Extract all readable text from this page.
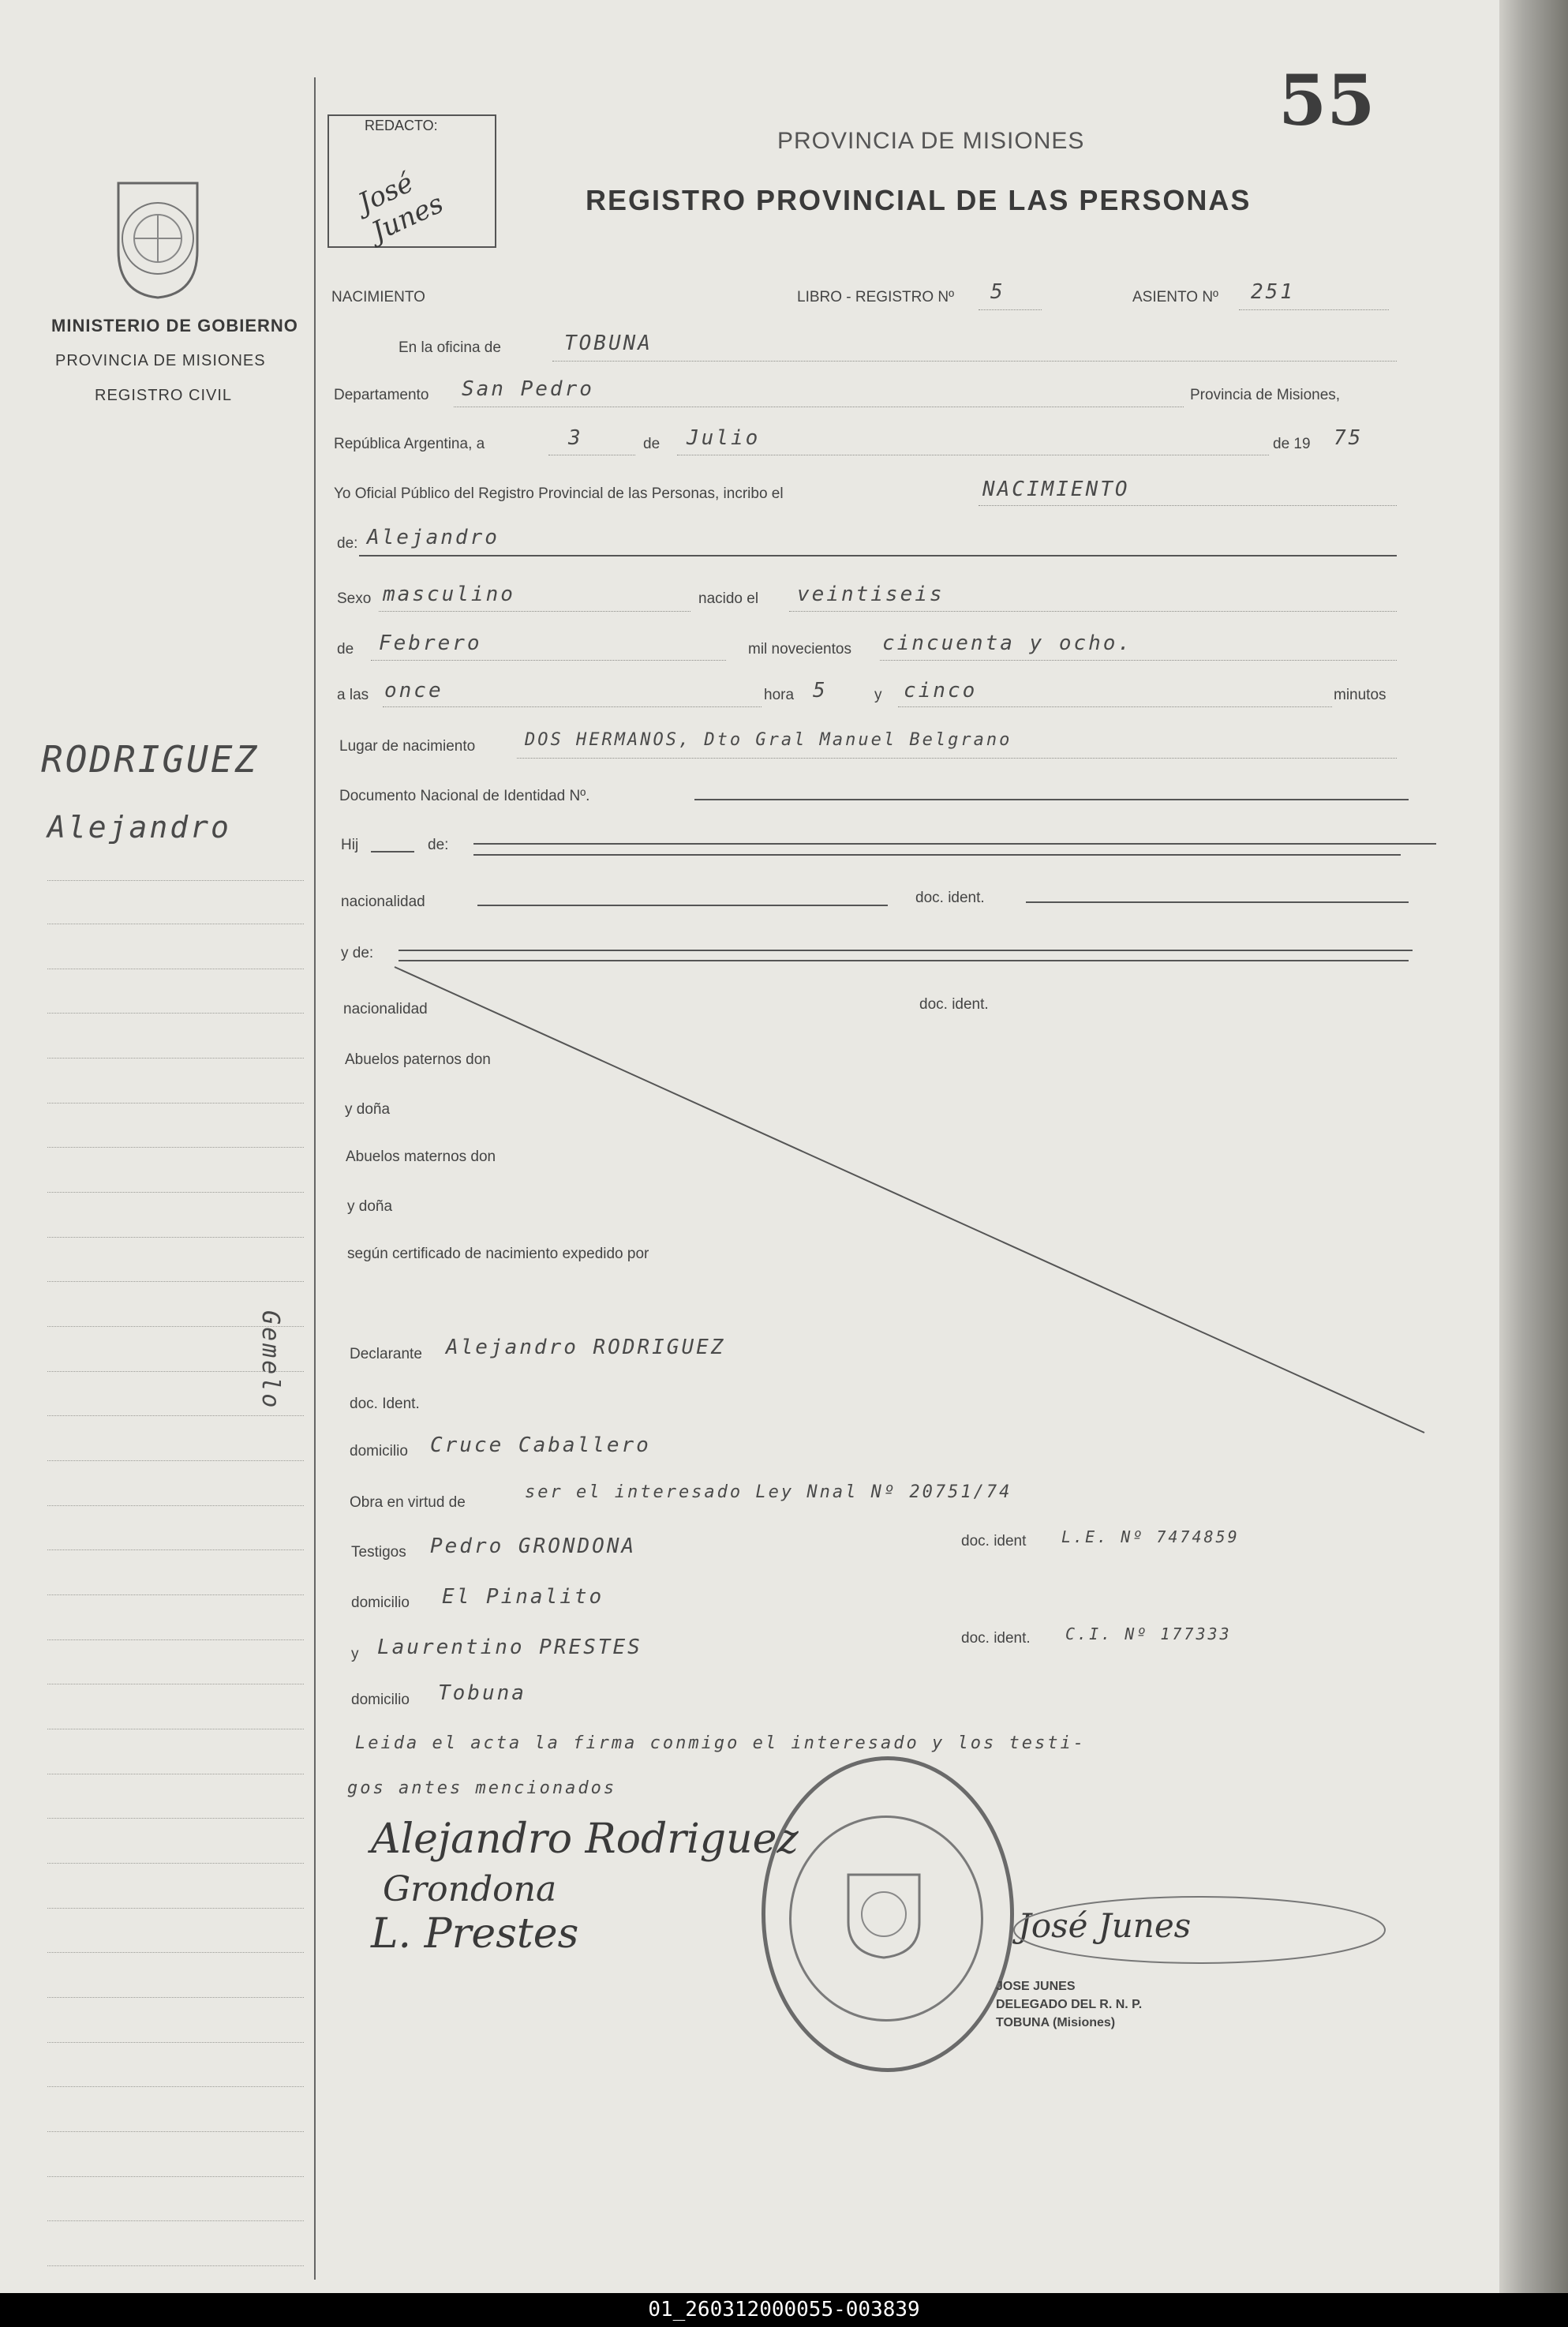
MINISTERIO DE GOBIERNO
PROVINCIA DE MISIONES
REGISTRO CIVIL
RODRIGUEZ
Alejandro
Gemelo
REDACTO:
José Junes
55
PROVINCIA DE MISIONES
REGISTRO PROVINCIAL DE LAS PERSONAS
NACIMIENTO	LIBRO - REGISTRO Nº 5	ASIENTO Nº 251
En la oficina de	TOBUNA
Departamento San Pedro	Provincia de Misiones,
República Argentina, a	3	de Julio	de 19 75
Yo Oficial Público del Registro Provincial de las Personas, incribo el	NACIMIENTO
de: Alejandro
Sexo masculino	nacido el veintiseis
de Febrero	mil novecientos cincuenta y ocho.
a las once	hora 5	y cinco	minutos
Lugar de nacimiento	DOS HERMANOS, Dto Gral Manuel Belgrano
Documento Nacional de Identidad Nº.
Hij	de:
nacionalidad	doc. ident.
y de:
nacionalidad	doc. ident.
Abuelos paternos don
y doña
Abuelos maternos don
y doña
según certificado de nacimiento expedido por
Declarante Alejandro RODRIGUEZ
doc. Ident.
domicilio Cruce Caballero
Obra en virtud de
ser el interesado Ley Nnal Nº 20751/74
Testigos Pedro GRONDONA	doc. ident L.E. Nº 7474859
domicilio El Pinalito
y Laurentino PRESTES	doc. ident. C.I. Nº 177333
domicilio Tobuna
Leida el acta la firma conmigo el interesado y los testi-
gos antes mencionados
Alejandro Rodriguez
Grondona
L. Prestes	José Junes
JOSE JUNES
DELEGADO DEL R. N. P.
TOBUNA (Misiones)
01_260312000055-003839
